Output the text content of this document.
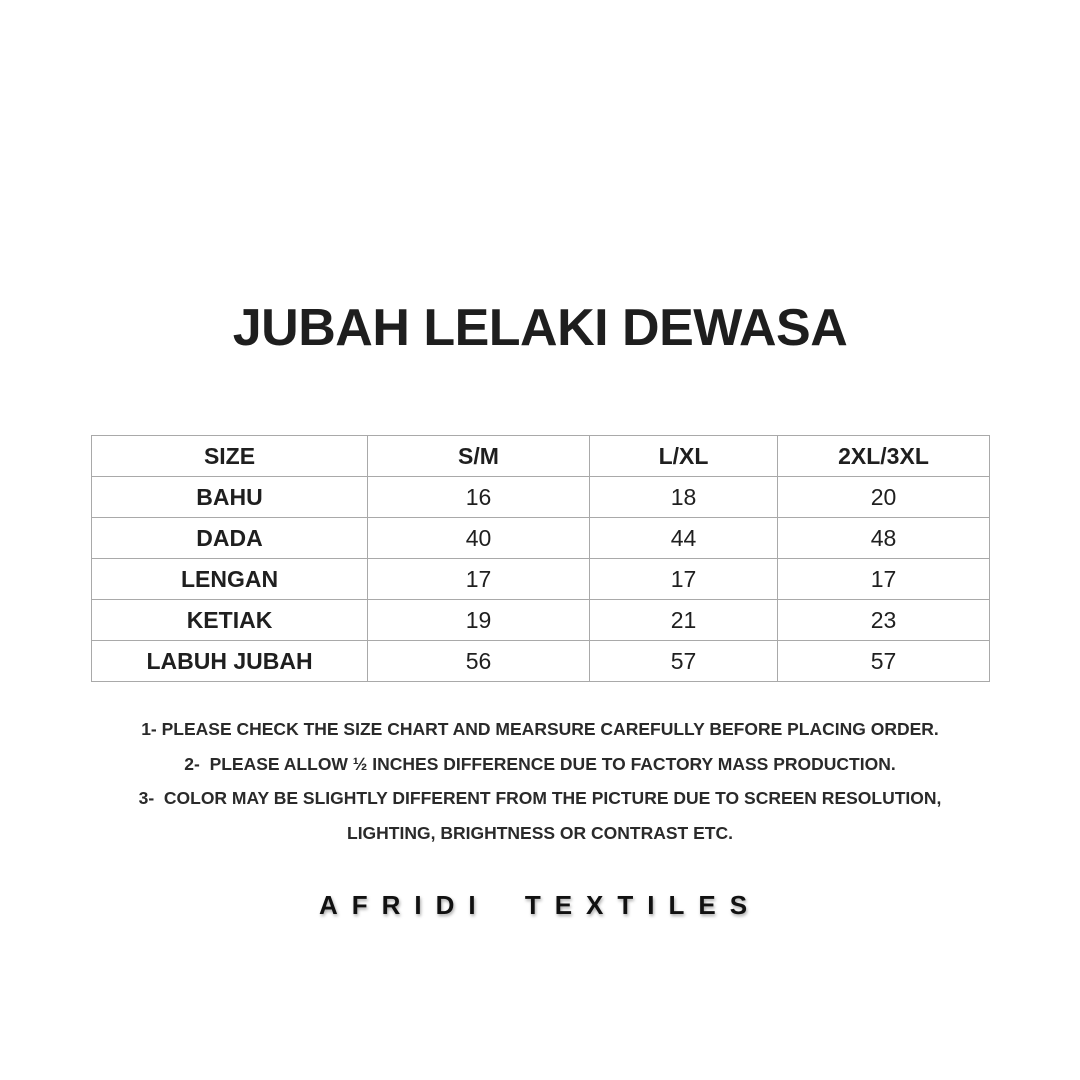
JUBAH LELAKI DEWASA
SIZE	S/M	L/XL	2XL/3XL
BAHU	16	18	20
DADA	40	44	48
LENGAN	17	17	17
KETIAK	19	21	23
LABUH JUBAH	56	57	57
1- PLEASE CHECK THE SIZE CHART AND MEARSURE CAREFULLY BEFORE PLACING ORDER.
2-  PLEASE ALLOW ½ INCHES DIFFERENCE DUE TO FACTORY MASS PRODUCTION.
3-  COLOR MAY BE SLIGHTLY DIFFERENT FROM THE PICTURE DUE TO SCREEN RESOLUTION,
LIGHTING, BRIGHTNESS OR CONTRAST ETC.
AFRIDI TEXTILES
